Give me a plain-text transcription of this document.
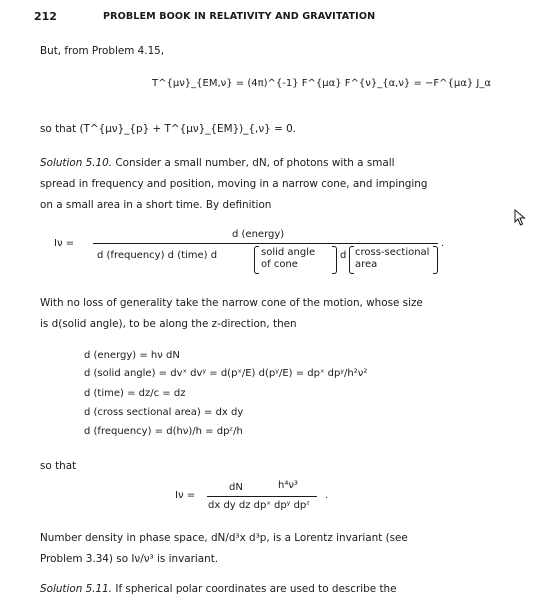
212	PROBLEM BOOK IN RELATIVITY AND GRAVITATION
But, from Problem 4.15,
T^{μν}_{EM,ν} = (4π)^{-1} F^{μα} F^{ν}_{α,ν} = −F^{μα} J_α
so that (T^{μν}_{p} + T^{μν}_{EM})_{,ν} = 0.
Solution 5.10. Consider a small number, dN, of photons with a small
spread in frequency and position, moving in a narrow cone, and impinging
on a small area in a short time. By definition
Iν =
d (energy)
d (frequency) d (time) d	solid angle
of cone
d cross-sectional
area
.
With no loss of generality take the narrow cone of the motion, whose size
is d(solid angle), to be along the z-direction, then
d (energy) = hν dN
d (solid angle) = dvˣ dvʸ = d(pˣ/E) d(pʸ/E) = dpˣ dpʸ/h²ν²
d (time) = dz/c = dz
d (cross sectional area) = dx dy
d (frequency) = d(hν)/h = dpᶻ/h
so that
Iν =
dN	h⁴ν³
dx dy dz dpˣ dpʸ dpᶻ
.
Number density in phase space, dN/d³x d³p, is a Lorentz invariant (see
Problem 3.34) so Iν/ν³ is invariant.
Solution 5.11. If spherical polar coordinates are used to describe the
